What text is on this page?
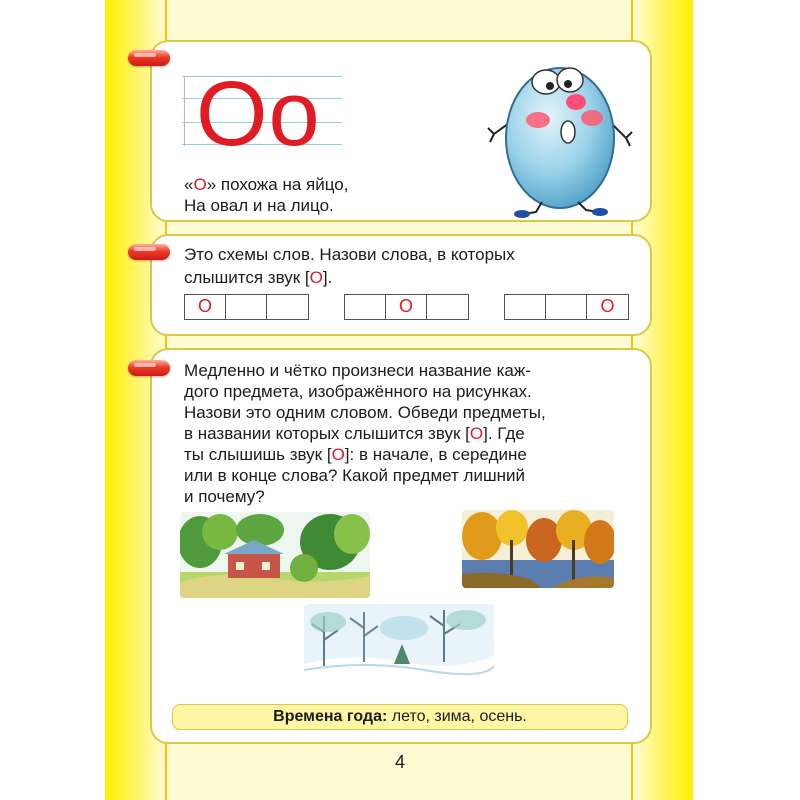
Oo
«О» похожа на яйцо,
На овал и на лицо.
Это схемы слов. Назови слова, в которых
слышится звук [О].
О	О	О
Медленно и чётко произнеси название каж-
дого предмета, изображённого на рисунках.
Назови это одним словом. Обведи предметы,
в названии которых слышится звук [О]. Где
ты слышишь звук [О]: в начале, в середине
или в конце слова? Какой предмет лишний
и почему?
Времена года: лето, зима, осень.
4
